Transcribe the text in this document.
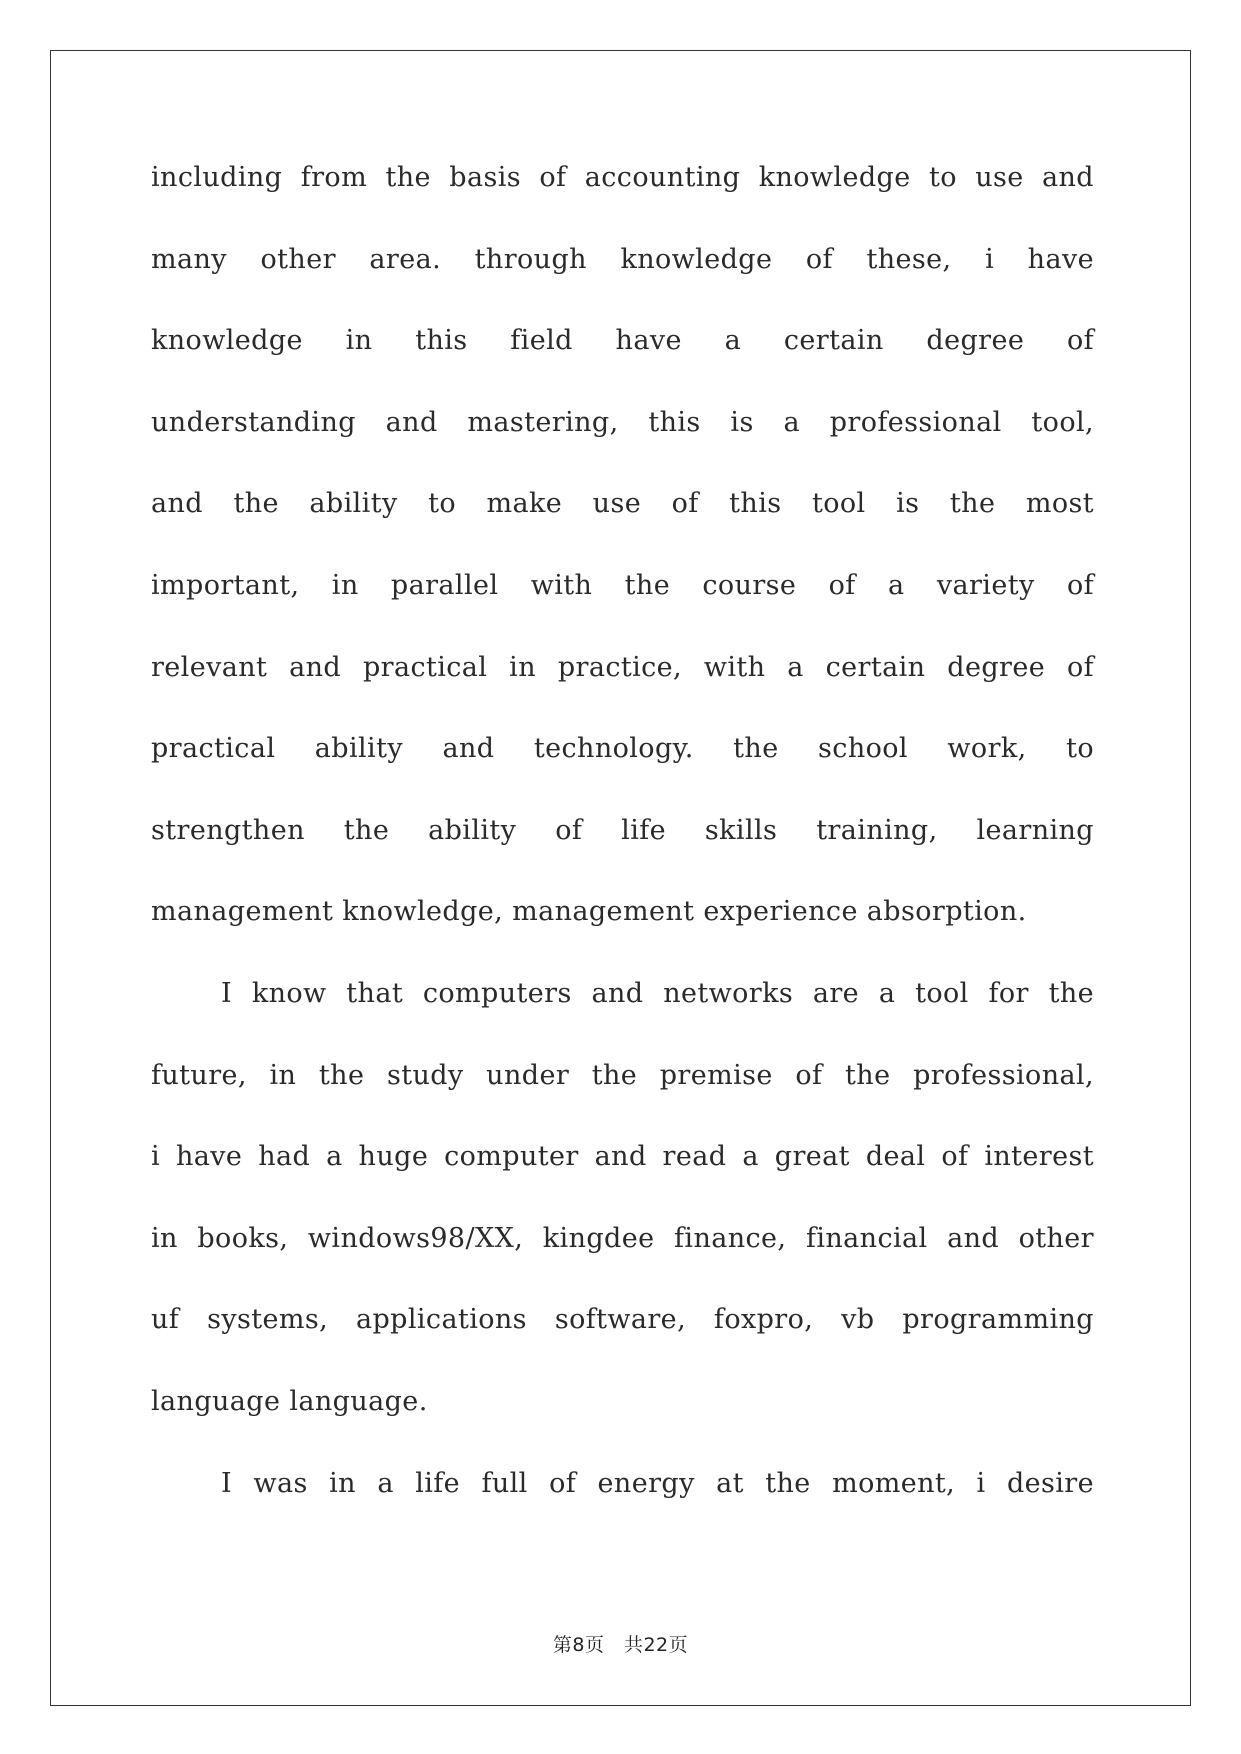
including from the basis of accounting knowledge to use and
many other area. through knowledge of these, i have
knowledge in this field have a certain degree of
understanding and mastering, this is a professional tool,
and the ability to make use of this tool is the most
important, in parallel with the course of a variety of
relevant and practical in practice, with a certain degree of
practical ability and technology. the school work, to
strengthen the ability of life skills training, learning
management knowledge, management experience absorption.
I know that computers and networks are a tool for the
future, in the study under the premise of the professional,
i have had a huge computer and read a great deal of interest
in books, windows98/XX, kingdee finance, financial and other
uf systems, applications software, foxpro, vb programming
language language.
I was in a life full of energy at the moment, i desire
第8页　共22页
